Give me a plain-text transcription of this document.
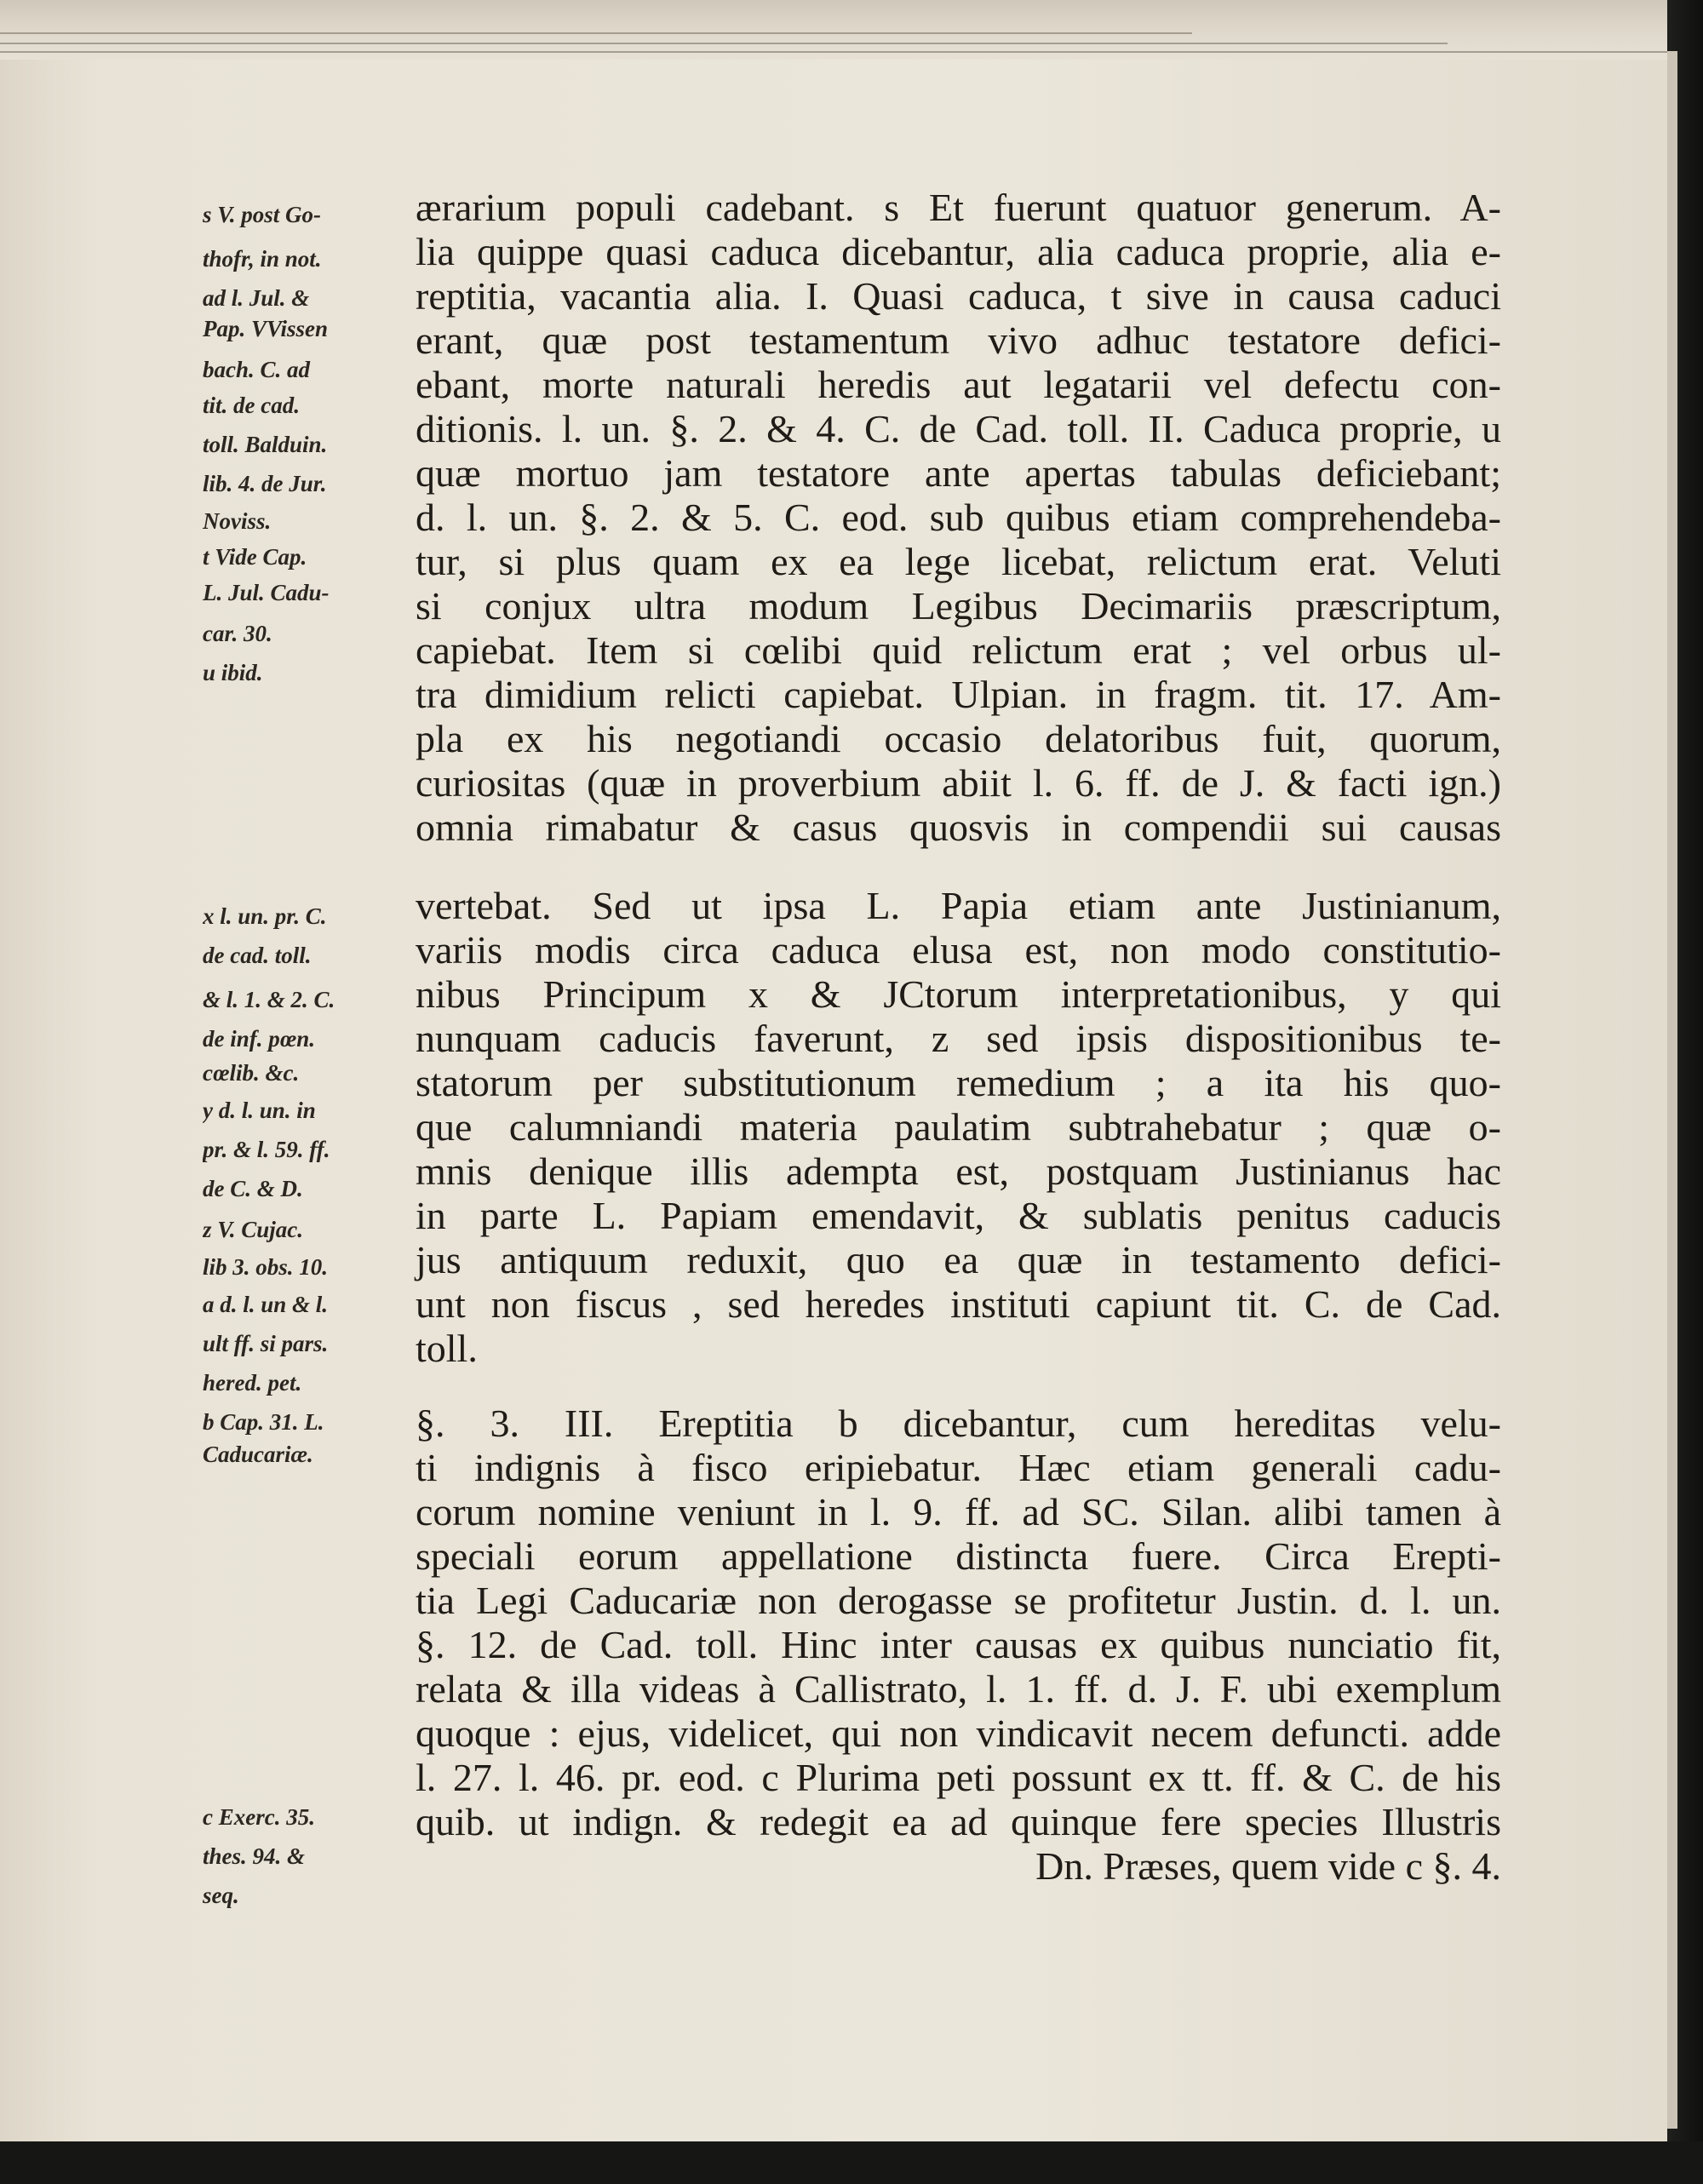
s V. post Go-
thofr, in not.
ad l. Jul. &
Pap. VVissen
bach. C. ad
tit. de cad.
toll. Balduin.
lib. 4. de Jur.
Noviss.
t Vide Cap.
L. Jul. Cadu-
car. 30.
u ibid.
x l. un. pr. C.
de cad. toll.
& l. 1. & 2. C.
de inf. pœn.
cœlib. &c.
y d. l. un. in
pr. & l. 59. ff.
de C. & D.
z V. Cujac.
lib 3. obs. 10.
a d. l. un & l.
ult ff. si pars.
hered. pet.
b Cap. 31. L.
Caducariæ.
c Exerc. 35.
thes. 94. &
seq.
ærarium populi cadebant. s Et fuerunt quatuor generum. A-
lia quippe quasi caduca dicebantur, alia caduca proprie, alia e-
reptitia, vacantia alia. I. Quasi caduca, t sive in causa caduci
erant, quæ post testamentum vivo adhuc testatore defici-
ebant, morte naturali heredis aut legatarii vel defectu con-
ditionis. l. un. §. 2. & 4. C. de Cad. toll. II. Caduca proprie, u
quæ mortuo jam testatore ante apertas tabulas deficiebant;
d. l. un. §. 2. & 5. C. eod. sub quibus etiam comprehendeba-
tur, si plus quam ex ea lege licebat, relictum erat. Veluti
si conjux ultra modum Legibus Decimariis præscriptum,
capiebat. Item si cœlibi quid relictum erat ; vel orbus ul-
tra dimidium relicti capiebat. Ulpian. in fragm. tit. 17. Am-
pla ex his negotiandi occasio delatoribus fuit, quorum,
curiositas (quæ in proverbium abiit l. 6. ff. de J. & facti ign.)
omnia rimabatur & casus quosvis in compendii sui causas
vertebat. Sed ut ipsa L. Papia etiam ante Justinianum,
variis modis circa caduca elusa est, non modo constitutio-
nibus Principum x & JCtorum interpretationibus, y qui
nunquam caducis faverunt, z sed ipsis dispositionibus te-
statorum per substitutionum remedium ; a ita his quo-
que calumniandi materia paulatim subtrahebatur ; quæ o-
mnis denique illis adempta est, postquam Justinianus hac
in parte L. Papiam emendavit, & sublatis penitus caducis
jus antiquum reduxit, quo ea quæ in testamento defici-
unt non fiscus , sed heredes instituti capiunt tit. C. de Cad.
toll.
§. 3. III. Ereptitia b dicebantur, cum hereditas velu-
ti indignis à fisco eripiebatur. Hæc etiam generali cadu-
corum nomine veniunt in l. 9. ff. ad SC. Silan. alibi tamen à
speciali eorum appellatione distincta fuere. Circa Erepti-
tia Legi Caducariæ non derogasse se profitetur Justin. d. l. un.
§. 12. de Cad. toll. Hinc inter causas ex quibus nunciatio fit,
relata & illa videas à Callistrato, l. 1. ff. d. J. F. ubi exemplum
quoque : ejus, videlicet, qui non vindicavit necem defuncti. adde
l. 27. l. 46. pr. eod. c Plurima peti possunt ex tt. ff. & C. de his
quib. ut indign. & redegit ea ad quinque fere species Illustris
Dn. Præses, quem vide c §. 4.
